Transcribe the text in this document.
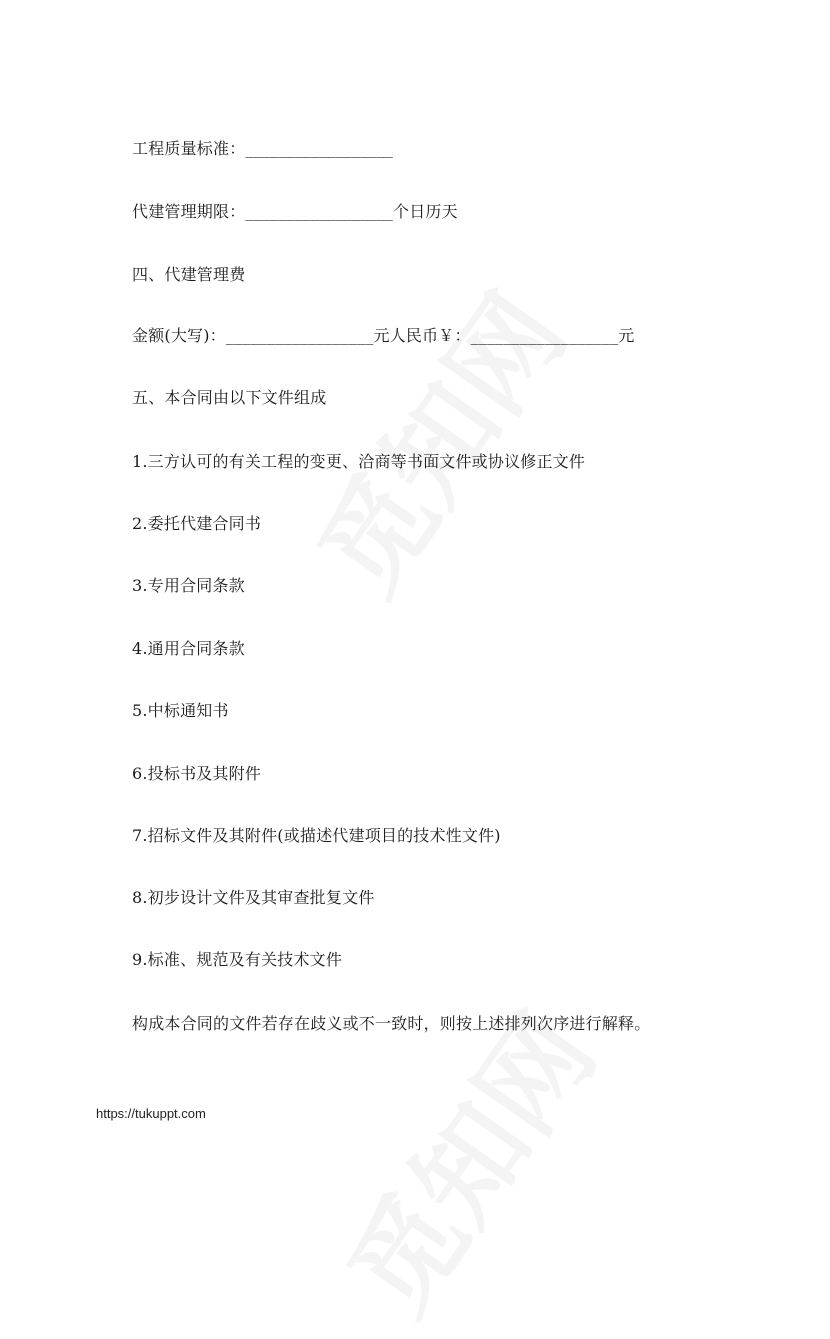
工程质量标准：__________________
代建管理期限：__________________个日历天
四、代建管理费
金额(大写)：__________________元人民币￥：__________________元
五、本合同由以下文件组成
1.三方认可的有关工程的变更、洽商等书面文件或协议修正文件
2.委托代建合同书
3.专用合同条款
4.通用合同条款
5.中标通知书
6.投标书及其附件
7.招标文件及其附件(或描述代建项目的技术性文件)
8.初步设计文件及其审查批复文件
9.标准、规范及有关技术文件
构成本合同的文件若存在歧义或不一致时，则按上述排列次序进行解释。
https://tukuppt.com
